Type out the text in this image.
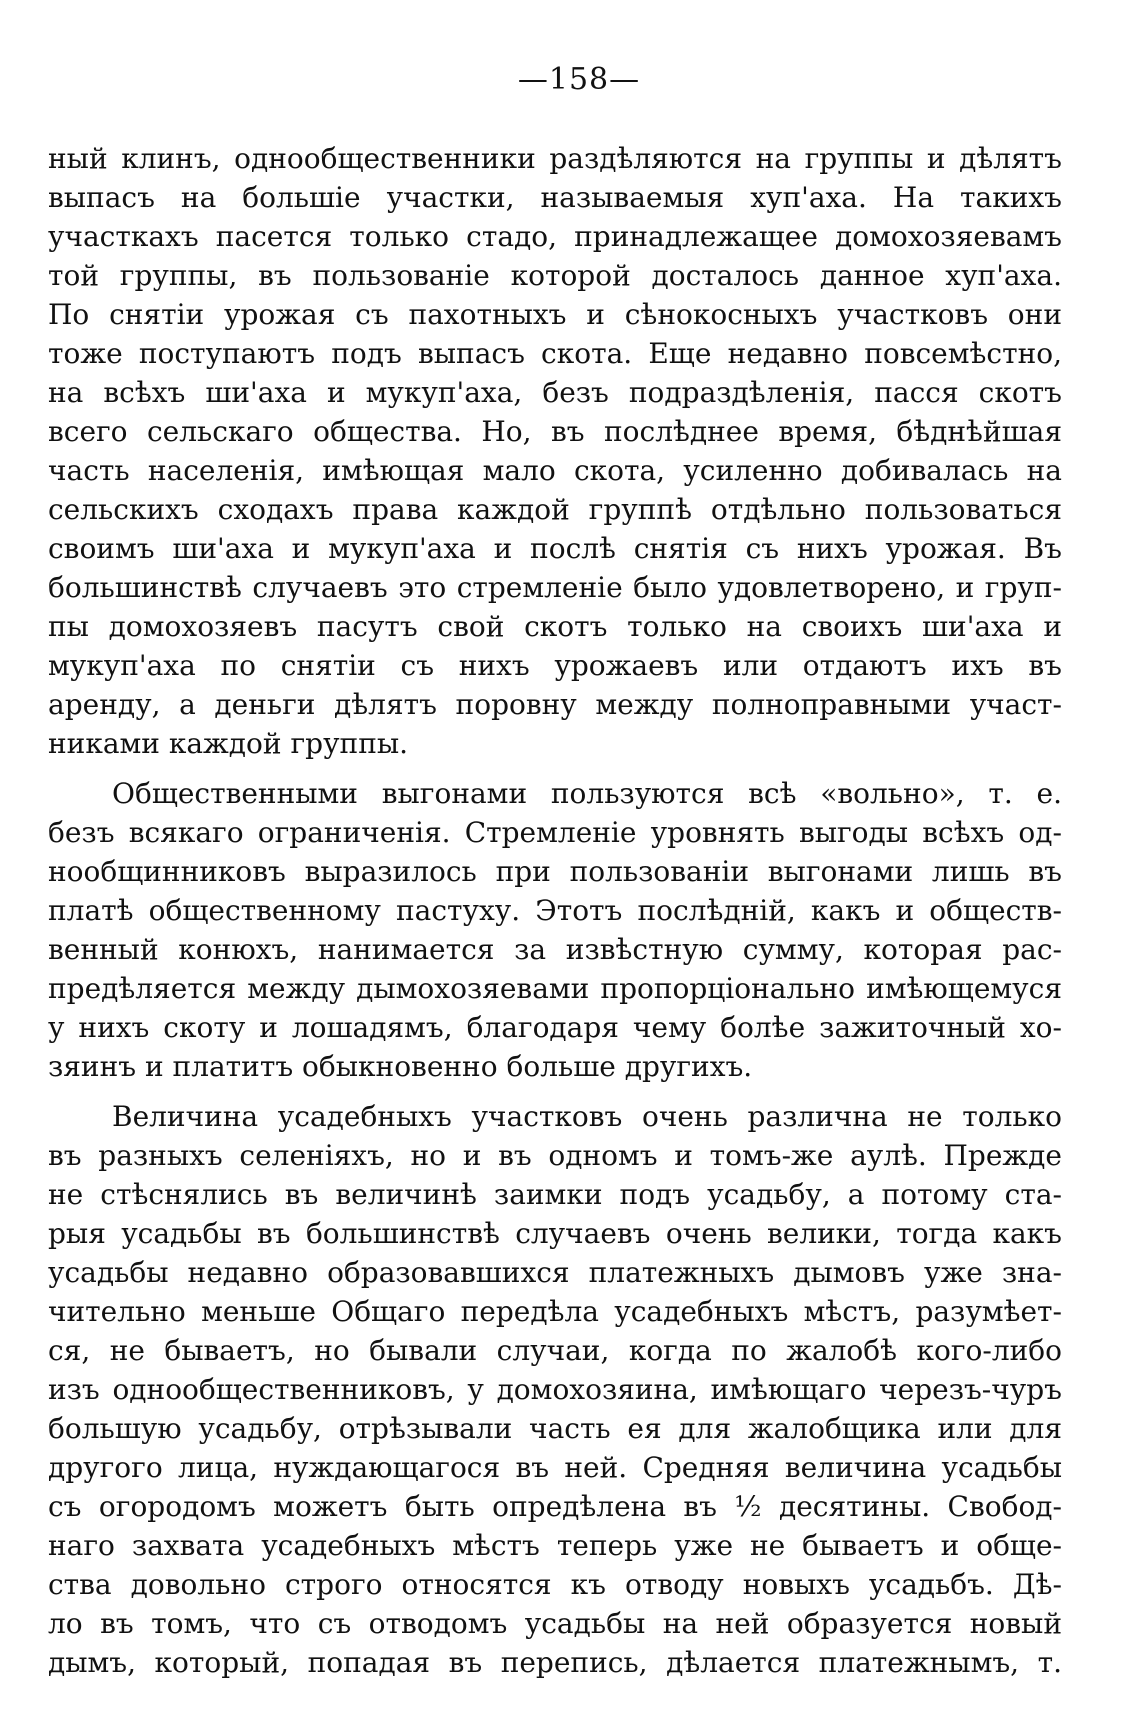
—158—
ный клинъ, однообщественники раздѣляются на группы и дѣлятъ
выпасъ на большіе участки, называемыя хуп'аха. На такихъ
участкахъ пасется только стадо, принадлежащее домохозяевамъ
той группы, въ пользованіе которой досталось данное хуп'аха.
По снятіи урожая съ пахотныхъ и сѣнокосныхъ участковъ они
тоже поступаютъ подъ выпасъ скота. Еще недавно повсемѣстно,
на всѣхъ ши'аха и мукуп'аха, безъ подраздѣленія, пасся скотъ
всего сельскаго общества. Но, въ послѣднее время, бѣднѣйшая
часть населенія, имѣющая мало скота, усиленно добивалась на
сельскихъ сходахъ права каждой группѣ отдѣльно пользоваться
своимъ ши'аха и мукуп'аха и послѣ снятія съ нихъ урожая. Въ
большинствѣ случаевъ это стремленіе было удовлетворено, и груп-
пы домохозяевъ пасутъ свой скотъ только на своихъ ши'аха и
мукуп'аха по снятіи съ нихъ урожаевъ или отдаютъ ихъ въ
аренду, а деньги дѣлятъ поровну между полноправными участ-
никами каждой группы.
Общественными выгонами пользуются всѣ «вольно», т. е.
безъ всякаго ограниченія. Стремленіе уровнять выгоды всѣхъ од-
нообщинниковъ выразилось при пользованіи выгонами лишь въ
платѣ общественному пастуху. Этотъ послѣдній, какъ и обществ-
венный конюхъ, нанимается за извѣстную сумму, которая рас-
предѣляется между дымохозяевами пропорціонально имѣющемуся
у нихъ скоту и лошадямъ, благодаря чему болѣе зажиточный хо-
зяинъ и платитъ обыкновенно больше другихъ.
Величина усадебныхъ участковъ очень различна не только
въ разныхъ селеніяхъ, но и въ одномъ и томъ-же аулѣ. Прежде
не стѣснялись въ величинѣ заимки подъ усадьбу, а потому ста-
рыя усадьбы въ большинствѣ случаевъ очень велики, тогда какъ
усадьбы недавно образовавшихся платежныхъ дымовъ уже зна-
чительно меньше Общаго передѣла усадебныхъ мѣстъ, разумѣет-
ся, не бываетъ, но бывали случаи, когда по жалобѣ кого-либо
изъ однообщественниковъ, у домохозяина, имѣющаго черезъ-чуръ
большую усадьбу, отрѣзывали часть ея для жалобщика или для
другого лица, нуждающагося въ ней. Средняя величина усадьбы
съ огородомъ можетъ быть опредѣлена въ ½ десятины. Свобод-
наго захвата усадебныхъ мѣстъ теперь уже не бываетъ и обще-
ства довольно строго относятся къ отводу новыхъ усадьбъ. Дѣ-
ло въ томъ, что съ отводомъ усадьбы на ней образуется новый
дымъ, который, попадая въ перепись, дѣлается платежнымъ, т.
